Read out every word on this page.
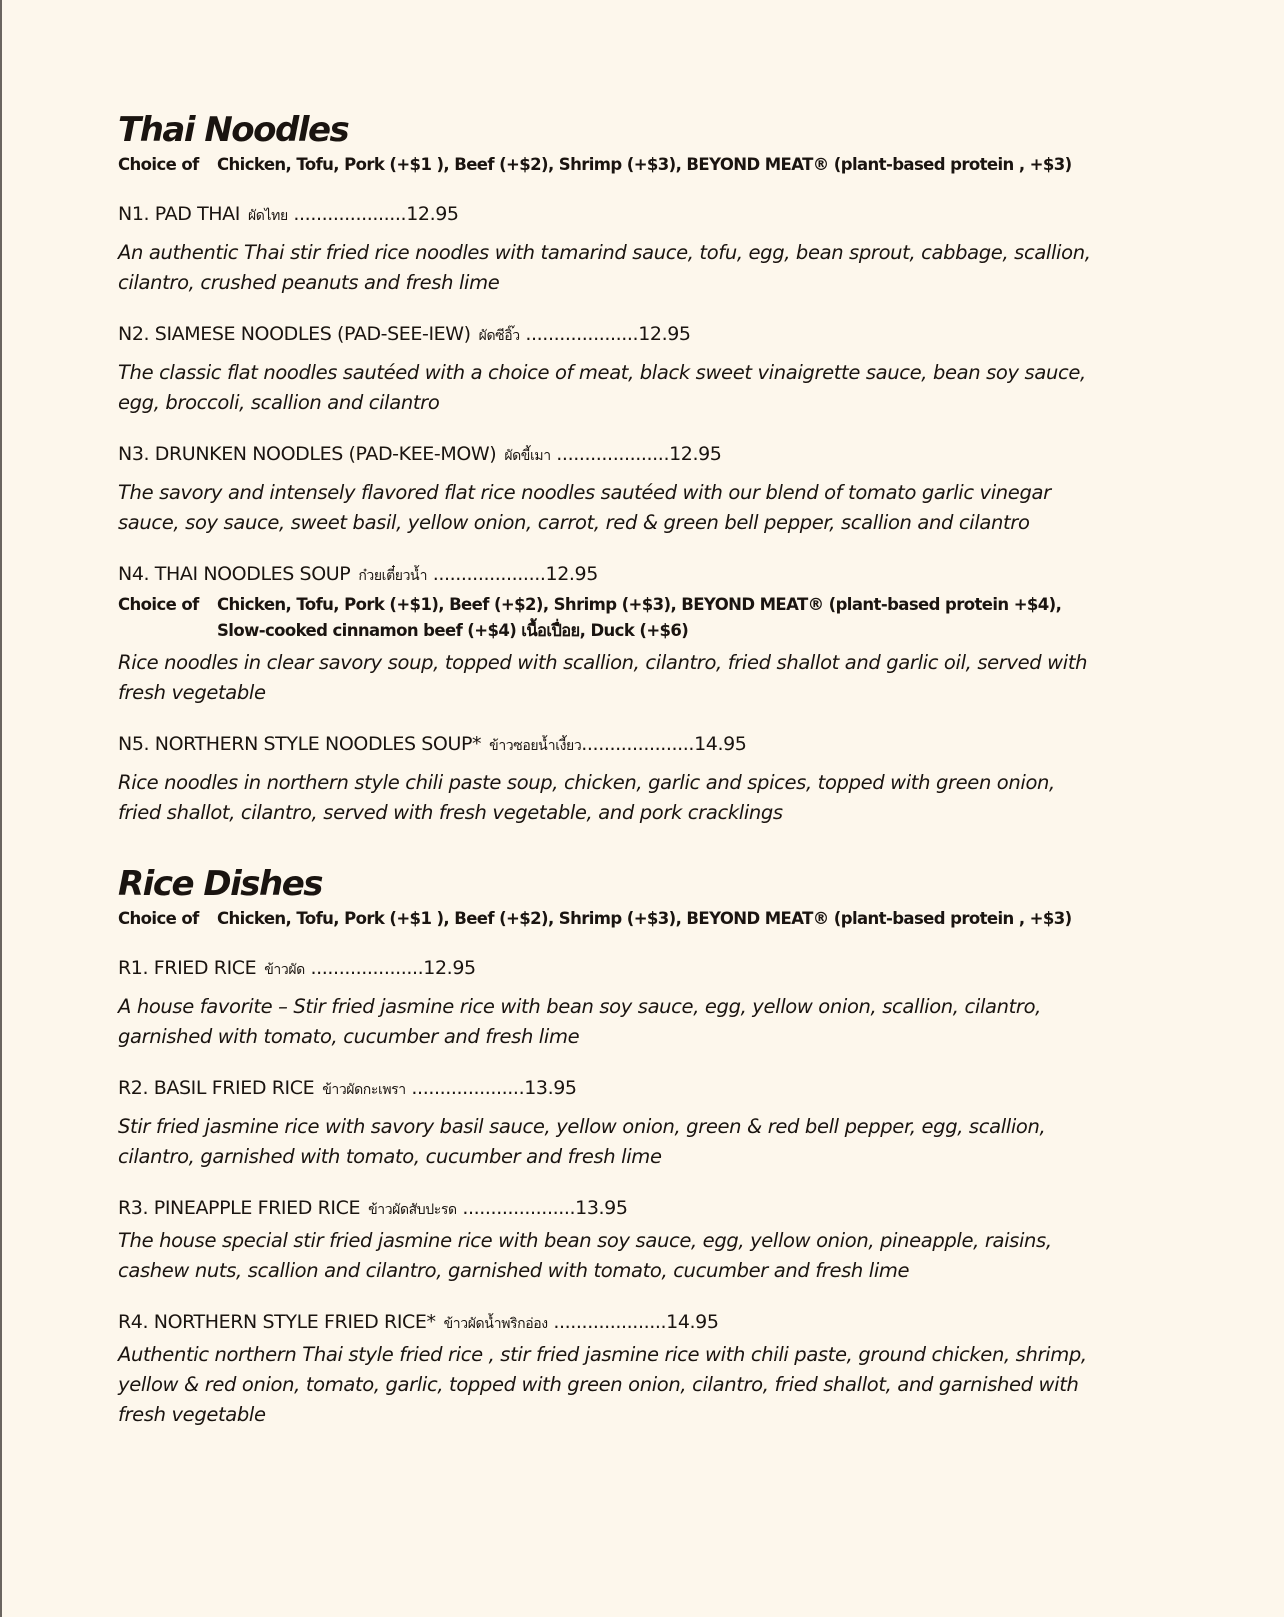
Thai Noodles
Choice of Chicken, Tofu, Pork (+$1 ), Beef (+$2), Shrimp (+$3), BEYOND MEAT® (plant-based protein , +$3)
N1. PAD THAI ผัดไทย ....................12.95
An authentic Thai stir fried rice noodles with tamarind sauce, tofu, egg, bean sprout, cabbage, scallion,
cilantro, crushed peanuts and fresh lime
N2. SIAMESE NOODLES (PAD-SEE-IEW) ผัดซีอิ๊ว ....................12.95
The classic flat noodles sautéed with a choice of meat, black sweet vinaigrette sauce, bean soy sauce,
egg, broccoli, scallion and cilantro
N3. DRUNKEN NOODLES (PAD-KEE-MOW) ผัดขี้เมา ....................12.95
The savory and intensely flavored flat rice noodles sautéed with our blend of tomato garlic vinegar
sauce, soy sauce, sweet basil, yellow onion, carrot, red & green bell pepper, scallion and cilantro
N4. THAI NOODLES SOUP ก๋วยเตี๋ยวน้ำ ....................12.95
Choice of Chicken, Tofu, Pork (+$1), Beef (+$2), Shrimp (+$3), BEYOND MEAT® (plant-based protein +$4),
Slow-cooked cinnamon beef (+$4) เนื้อเปื่อย, Duck (+$6)
Rice noodles in clear savory soup, topped with scallion, cilantro, fried shallot and garlic oil, served with
fresh vegetable
N5. NORTHERN STYLE NOODLES SOUP* ข้าวซอยน้ำเงี้ยว....................14.95
Rice noodles in northern style chili paste soup, chicken, garlic and spices, topped with green onion,
fried shallot, cilantro, served with fresh vegetable, and pork cracklings
Rice Dishes
Choice of Chicken, Tofu, Pork (+$1 ), Beef (+$2), Shrimp (+$3), BEYOND MEAT® (plant-based protein , +$3)
R1. FRIED RICE ข้าวผัด ....................12.95
A house favorite – Stir fried jasmine rice with bean soy sauce, egg, yellow onion, scallion, cilantro,
garnished with tomato, cucumber and fresh lime
R2. BASIL FRIED RICE ข้าวผัดกะเพรา ....................13.95
Stir fried jasmine rice with savory basil sauce, yellow onion, green & red bell pepper, egg, scallion,
cilantro, garnished with tomato, cucumber and fresh lime
R3. PINEAPPLE FRIED RICE ข้าวผัดสับปะรด ....................13.95
The house special stir fried jasmine rice with bean soy sauce, egg, yellow onion, pineapple, raisins,
cashew nuts, scallion and cilantro, garnished with tomato, cucumber and fresh lime
R4. NORTHERN STYLE FRIED RICE* ข้าวผัดน้ำพริกอ่อง ....................14.95
Authentic northern Thai style fried rice , stir fried jasmine rice with chili paste, ground chicken, shrimp,
yellow & red onion, tomato, garlic, topped with green onion, cilantro, fried shallot, and garnished with
fresh vegetable
